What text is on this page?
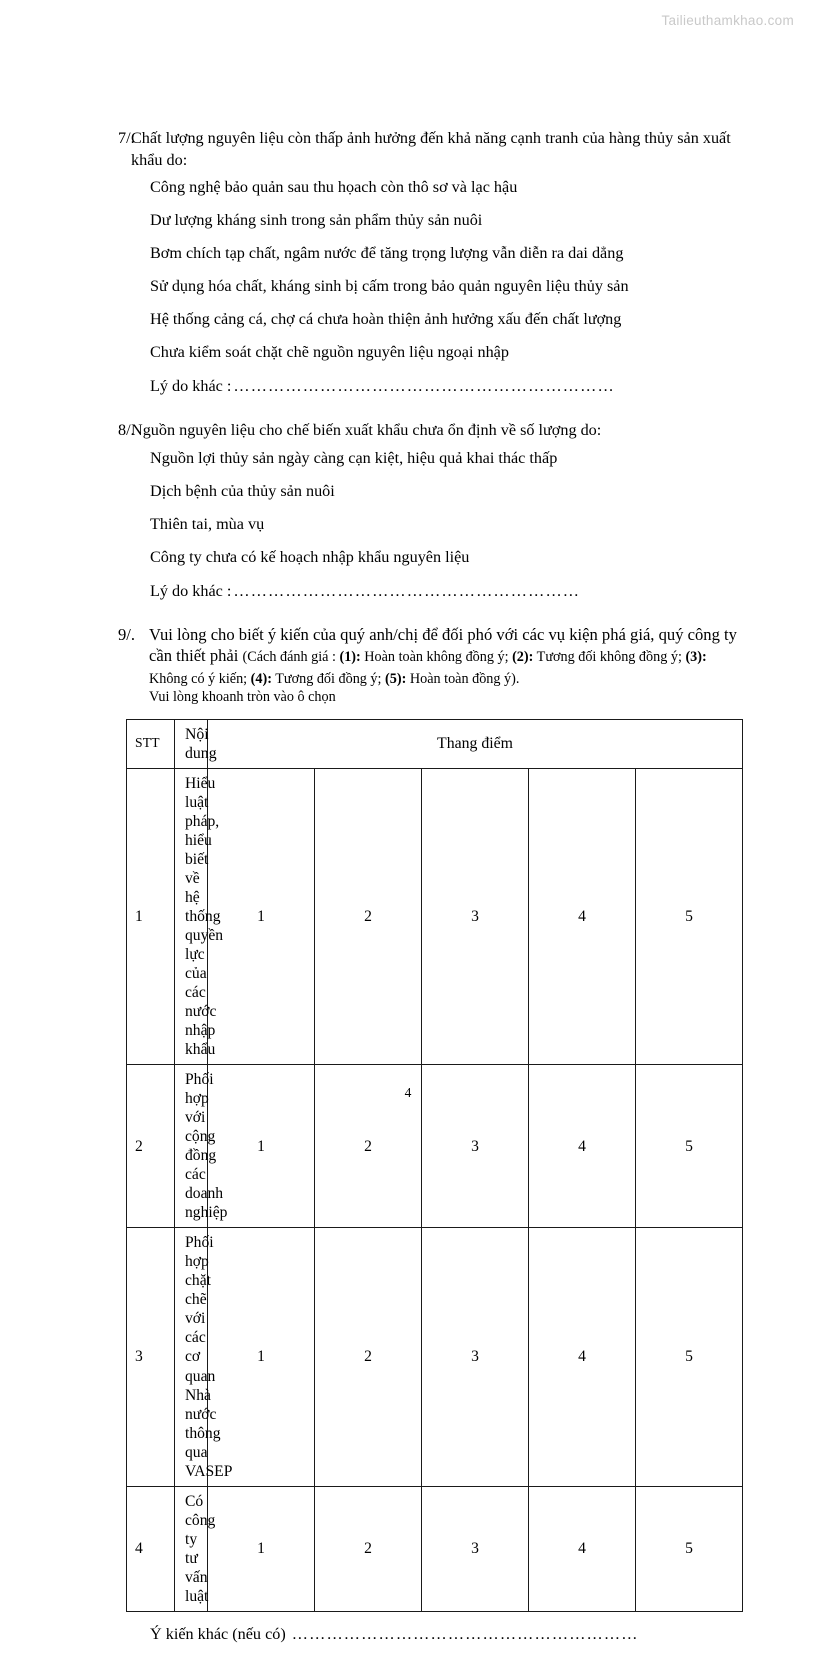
Tailieuthamkhao.com

7/.Chất lượng nguyên liệu còn thấp ảnh hưởng đến khả năng cạnh tranh của hàng thủy sản xuất khẩu do:

Công nghệ bảo quản sau thu họach còn thô sơ và lạc hậu
Dư lượng kháng sinh trong sản phẩm thủy sản nuôi
Bơm chích tạp chất, ngâm nước để tăng trọng lượng vẫn diễn ra dai dẳng
Sử dụng hóa chất, kháng sinh bị cấm trong bảo quản nguyên liệu thủy sản
Hệ thống cảng cá, chợ cá chưa hoàn thiện ảnh hưởng xấu đến chất lượng
Chưa kiểm soát chặt chẽ nguồn nguyên liệu ngoại nhập
Lý do khác : …………………………………………………………

8/.Nguồn nguyên liệu cho chế biến xuất khẩu chưa ổn định về số lượng do:

Nguồn lợi thủy sản ngày càng cạn kiệt, hiệu quả khai thác thấp
Dịch bệnh của thủy sản nuôi
Thiên tai, mùa vụ
Công ty chưa có kế hoạch nhập khẩu nguyên liệu
Lý do khác : ……………………………………………………

9/. Vui lòng cho biết ý kiến của quý anh/chị để đối phó với các vụ kiện phá giá, quý công ty cần thiết phải (Cách đánh giá : (1): Hoàn toàn không đồng ý; (2): Tương đối không đồng ý; (3): Không có ý kiến; (4): Tương đối đồng ý; (5): Hoàn toàn đồng ý).

Vui lòng khoanh tròn vào ô chọn

STT	Nội dung	Thang điểm				
1	Hiểu luật pháp, hiểu biết về hệ thống quyền lực của các nước nhập khẩu	1	2	3	4	5
2	Phối hợp với cộng đồng các doanh nghiệp	1	2	3	4	5
3	Phối hợp chặt chẽ với các cơ quan Nhà nước thông qua VASEP	1	2	3	4	5
4	Có công ty tư vấn luật	1	2	3	4	5

Ý kiến khác (nếu có) ……………………………………………………

4
